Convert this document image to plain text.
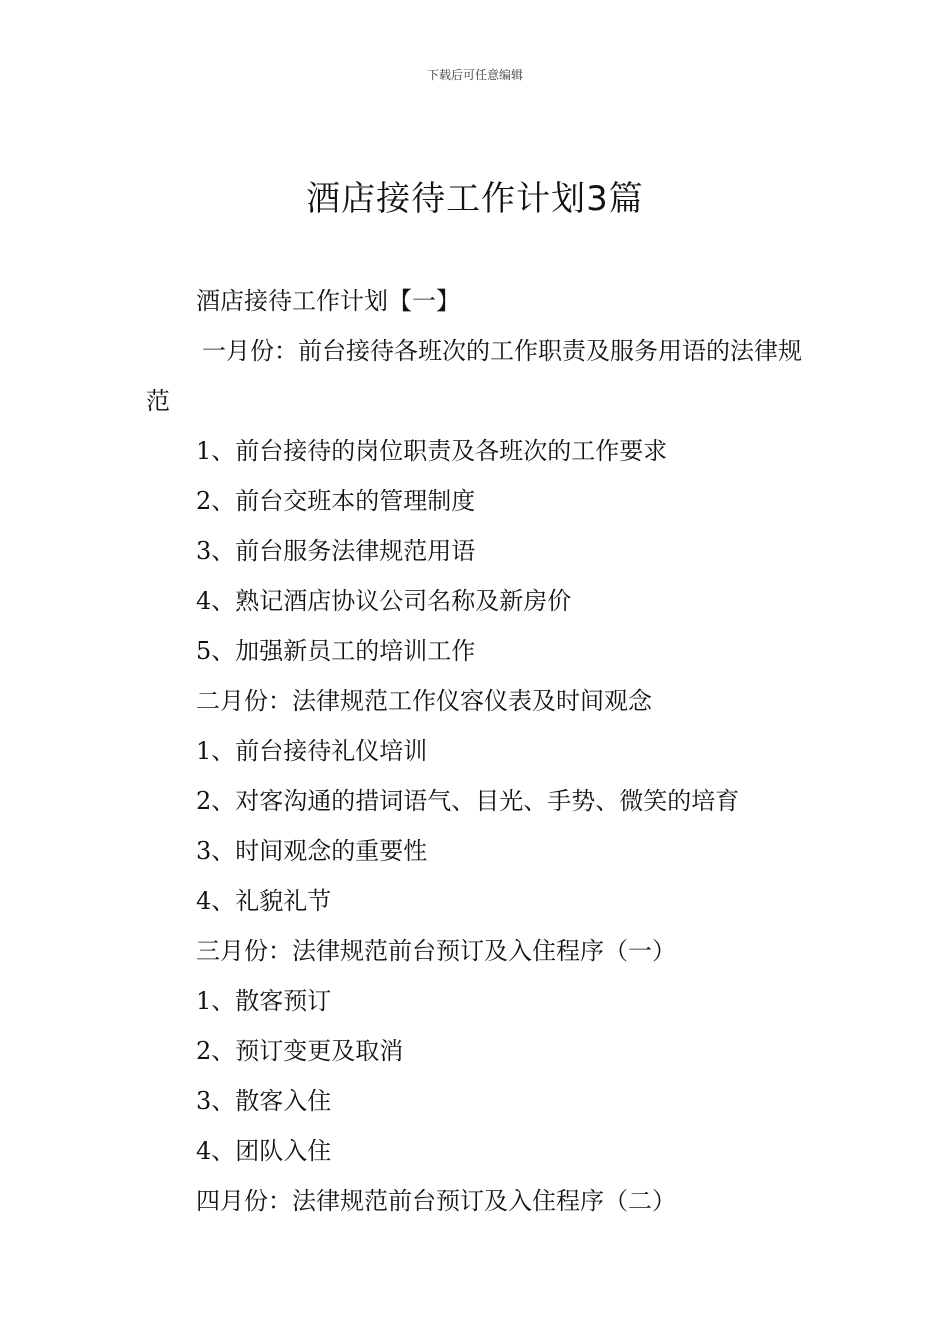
下载后可任意编辑
酒店接待工作计划3篇

酒店接待工作计划【一】

一月份：前台接待各班次的工作职责及服务用语的法律规范

1、前台接待的岗位职责及各班次的工作要求

2、前台交班本的管理制度

3、前台服务法律规范用语

4、熟记酒店协议公司名称及新房价

5、加强新员工的培训工作

二月份：法律规范工作仪容仪表及时间观念

1、前台接待礼仪培训

2、对客沟通的措词语气、目光、手势、微笑的培育

3、时间观念的重要性

4、礼貌礼节

三月份：法律规范前台预订及入住程序（一）

1、散客预订

2、预订变更及取消

3、散客入住

4、团队入住

四月份：法律规范前台预订及入住程序（二）
